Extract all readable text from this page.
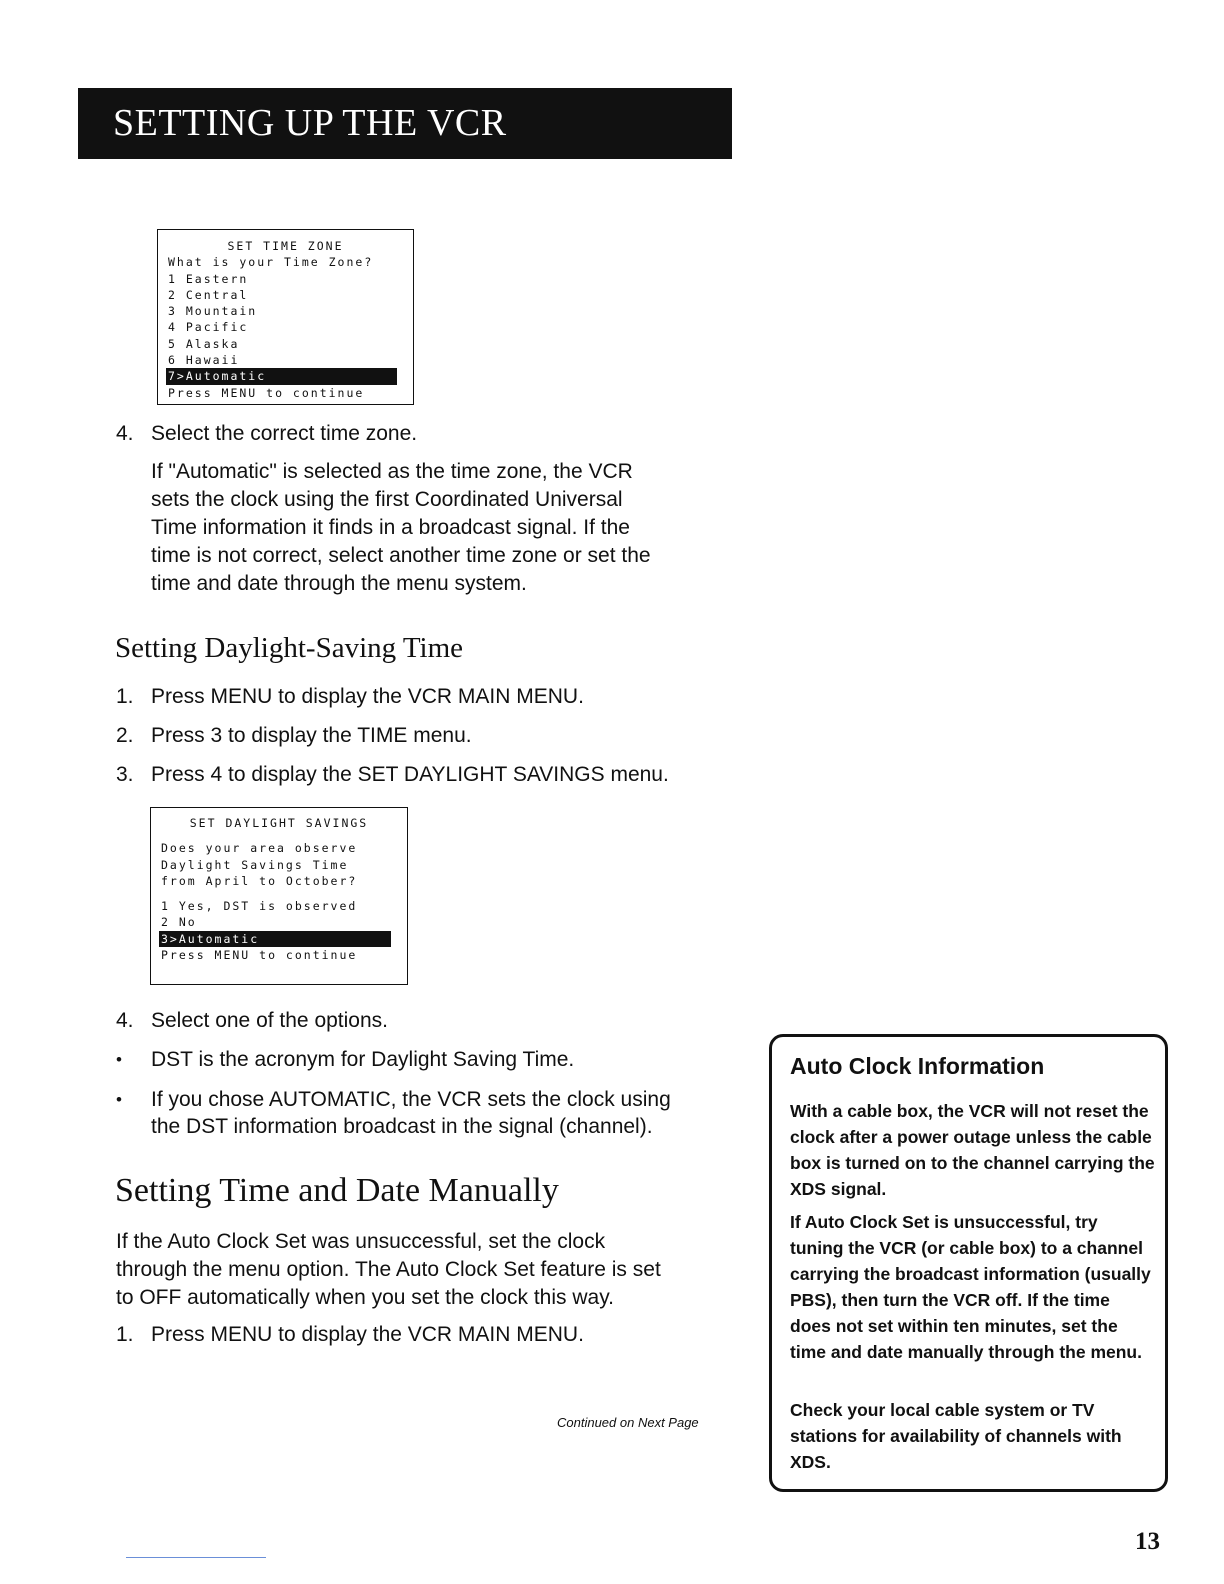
SETTING UP THE VCR
SET TIME ZONE
What is your Time Zone?
1 Eastern
2 Central
3 Mountain
4 Pacific
5 Alaska
6 Hawaii
7>Automatic
Press MENU to continue
4. Select the correct time zone.
If "Automatic" is selected as the time zone, the VCR
sets the clock using the first Coordinated Universal
Time information it finds in a broadcast signal. If the
time is not correct, select another time zone or set the
time and date through the menu system.
Setting Daylight-Saving Time
1. Press MENU to display the VCR MAIN MENU.
2. Press 3 to display the TIME menu.
3. Press 4 to display the SET DAYLIGHT SAVINGS menu.
SET DAYLIGHT SAVINGS
Does your area observe
Daylight Savings Time
from April to October?
1 Yes, DST is observed
2 No
3>Automatic
Press MENU to continue
4. Select one of the options.
• DST is the acronym for Daylight Saving Time.
• If you chose AUTOMATIC, the VCR sets the clock using
the DST information broadcast in the signal (channel).
Setting Time and Date Manually
If the Auto Clock Set was unsuccessful, set the clock
through the menu option. The Auto Clock Set feature is set
to OFF automatically when you set the clock this way.
1. Press MENU to display the VCR MAIN MENU.
Continued on Next Page
Auto Clock Information
With a cable box, the VCR will not reset the clock after a power outage unless the cable box is turned on to the channel carrying the XDS signal.
If Auto Clock Set is unsuccessful, try tuning the VCR (or cable box) to a channel carrying the broadcast information (usually PBS), then turn the VCR off. If the time does not set within ten minutes, set the time and date manually through the menu.
Check your local cable system or TV stations for availability of channels with XDS.
13
